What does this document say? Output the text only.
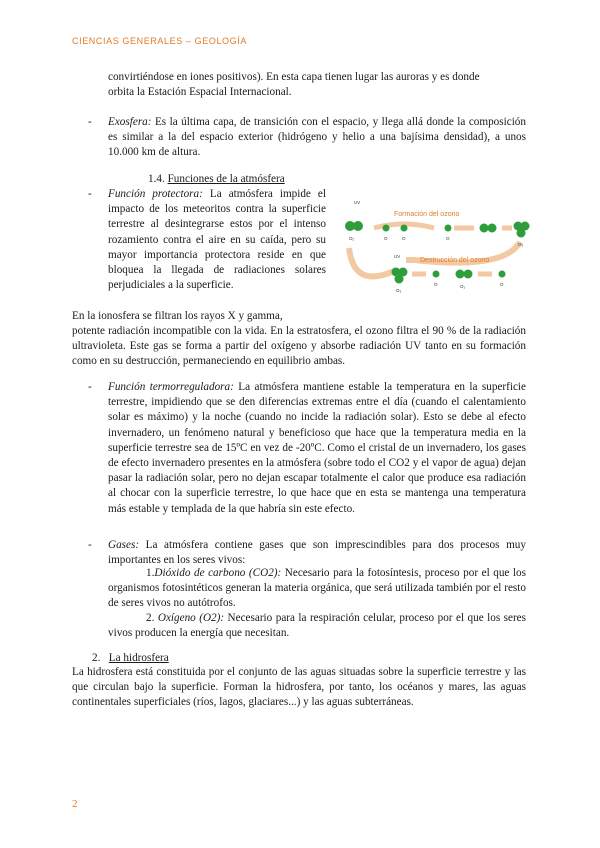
CIENCIAS GENERALES – GEOLOGÍA
convirtiéndose en iones positivos). En esta capa tienen lugar las auroras y es donde
orbita la Estación Espacial Internacional.
- Exosfera: Es la última capa, de transición con el espacio, y llega allá donde la composición es similar a la del espacio exterior (hidrógeno y helio a una bajísima densidad), a unos 10.000 km de altura.
1.4. Funciones de la atmósfera
- Función protectora: La atmósfera impide el impacto de los meteoritos contra la superficie terrestre al desintegrarse estos por el intenso rozamiento contra el aire en su caída, pero su mayor importancia protectora reside en que bloquea la llegada de radiaciones solares perjudiciales a la superficie.
Formación del ozono
UV
O₂	O	O	O
O₃
Destrucción del ozono
UV
O₃
O	O₂	O
En la ionosfera se filtran los rayos X y gamma,
potente radiación incompatible con la vida. En la estratosfera, el ozono filtra el 90 % de la radiación ultravioleta. Este gas se forma a partir del oxígeno y absorbe radiación UV tanto en su formación como en su destrucción, permaneciendo en equilibrio ambas.
- Función termorreguladora: La atmósfera mantiene estable la temperatura en la superficie terrestre, impidiendo que se den diferencias extremas entre el día (cuando el calentamiento solar es máximo) y la noche (cuando no incide la radiación solar). Esto se debe al efecto invernadero, un fenómeno natural y beneficioso que hace que la temperatura media en la superficie terrestre sea de 15ºC en vez de -20ºC. Como el cristal de un invernadero, los gases de efecto invernadero presentes en la atmósfera (sobre todo el CO2 y el vapor de agua) dejan pasar la radiación solar, pero no dejan escapar totalmente el calor que produce esa radiación al chocar con la superficie terrestre, lo que hace que en esta se mantenga una temperatura más estable y templada de la que habría sin este efecto.
- Gases: La atmósfera contiene gases que son imprescindibles para dos procesos muy importantes en los seres vivos:
1.Dióxido de carbono (CO2): Necesario para la fotosíntesis, proceso por el que los organismos fotosintéticos generan la materia orgánica, que será utilizada también por el resto de seres vivos no autótrofos.
2. Oxígeno (O2): Necesario para la respiración celular, proceso por el que los seres vivos producen la energía que necesitan.
2. La hidrosfera
La hidrosfera está constituida por el conjunto de las aguas situadas sobre la superficie terrestre y las que circulan bajo la superficie. Forman la hidrosfera, por tanto, los océanos y mares, las aguas continentales superficiales (ríos, lagos, glaciares...) y las aguas subterráneas.
2
